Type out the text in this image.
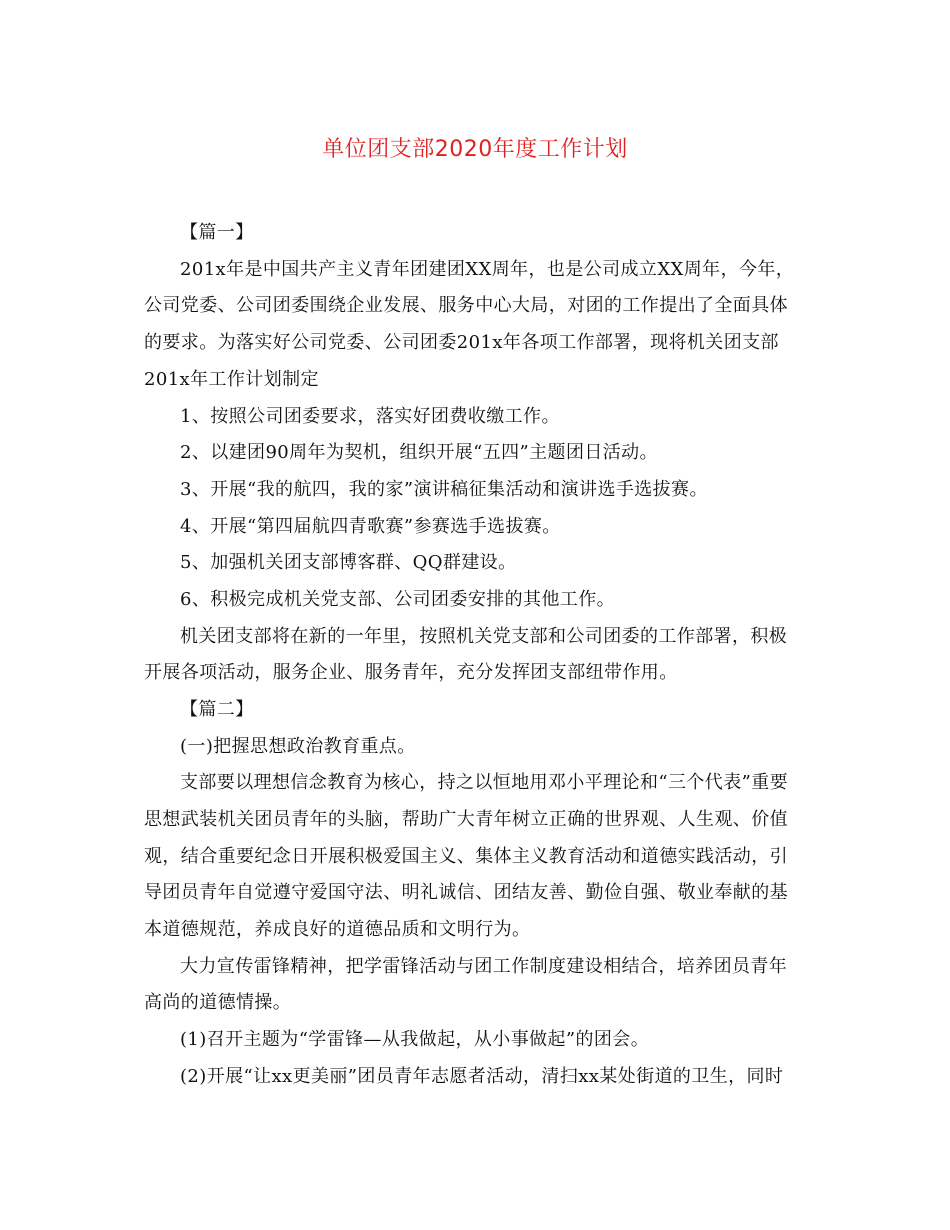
单位团支部2020年度工作计划
【篇一】
201x年是中国共产主义青年团建团XX周年，也是公司成立XX周年，今年，
公司党委、公司团委围绕企业发展、服务中心大局，对团的工作提出了全面具体
的要求。为落实好公司党委、公司团委201x年各项工作部署，现将机关团支部
201x年工作计划制定
1、按照公司团委要求，落实好团费收缴工作。
2、以建团90周年为契机，组织开展“五四”主题团日活动。
3、开展“我的航四，我的家”演讲稿征集活动和演讲选手选拔赛。
4、开展“第四届航四青歌赛”参赛选手选拔赛。
5、加强机关团支部博客群、QQ群建设。
6、积极完成机关党支部、公司团委安排的其他工作。
机关团支部将在新的一年里，按照机关党支部和公司团委的工作部署，积极
开展各项活动，服务企业、服务青年，充分发挥团支部纽带作用。
【篇二】
(一)把握思想政治教育重点。
支部要以理想信念教育为核心，持之以恒地用邓小平理论和“三个代表”重要
思想武装机关团员青年的头脑，帮助广大青年树立正确的世界观、人生观、价值
观，结合重要纪念日开展积极爱国主义、集体主义教育活动和道德实践活动，引
导团员青年自觉遵守爱国守法、明礼诚信、团结友善、勤俭自强、敬业奉献的基
本道德规范，养成良好的道德品质和文明行为。
大力宣传雷锋精神，把学雷锋活动与团工作制度建设相结合，培养团员青年
高尚的道德情操。
(1)召开主题为“学雷锋—从我做起，从小事做起”的团会。
(2)开展“让xx更美丽”团员青年志愿者活动，清扫xx某处街道的卫生，同时
